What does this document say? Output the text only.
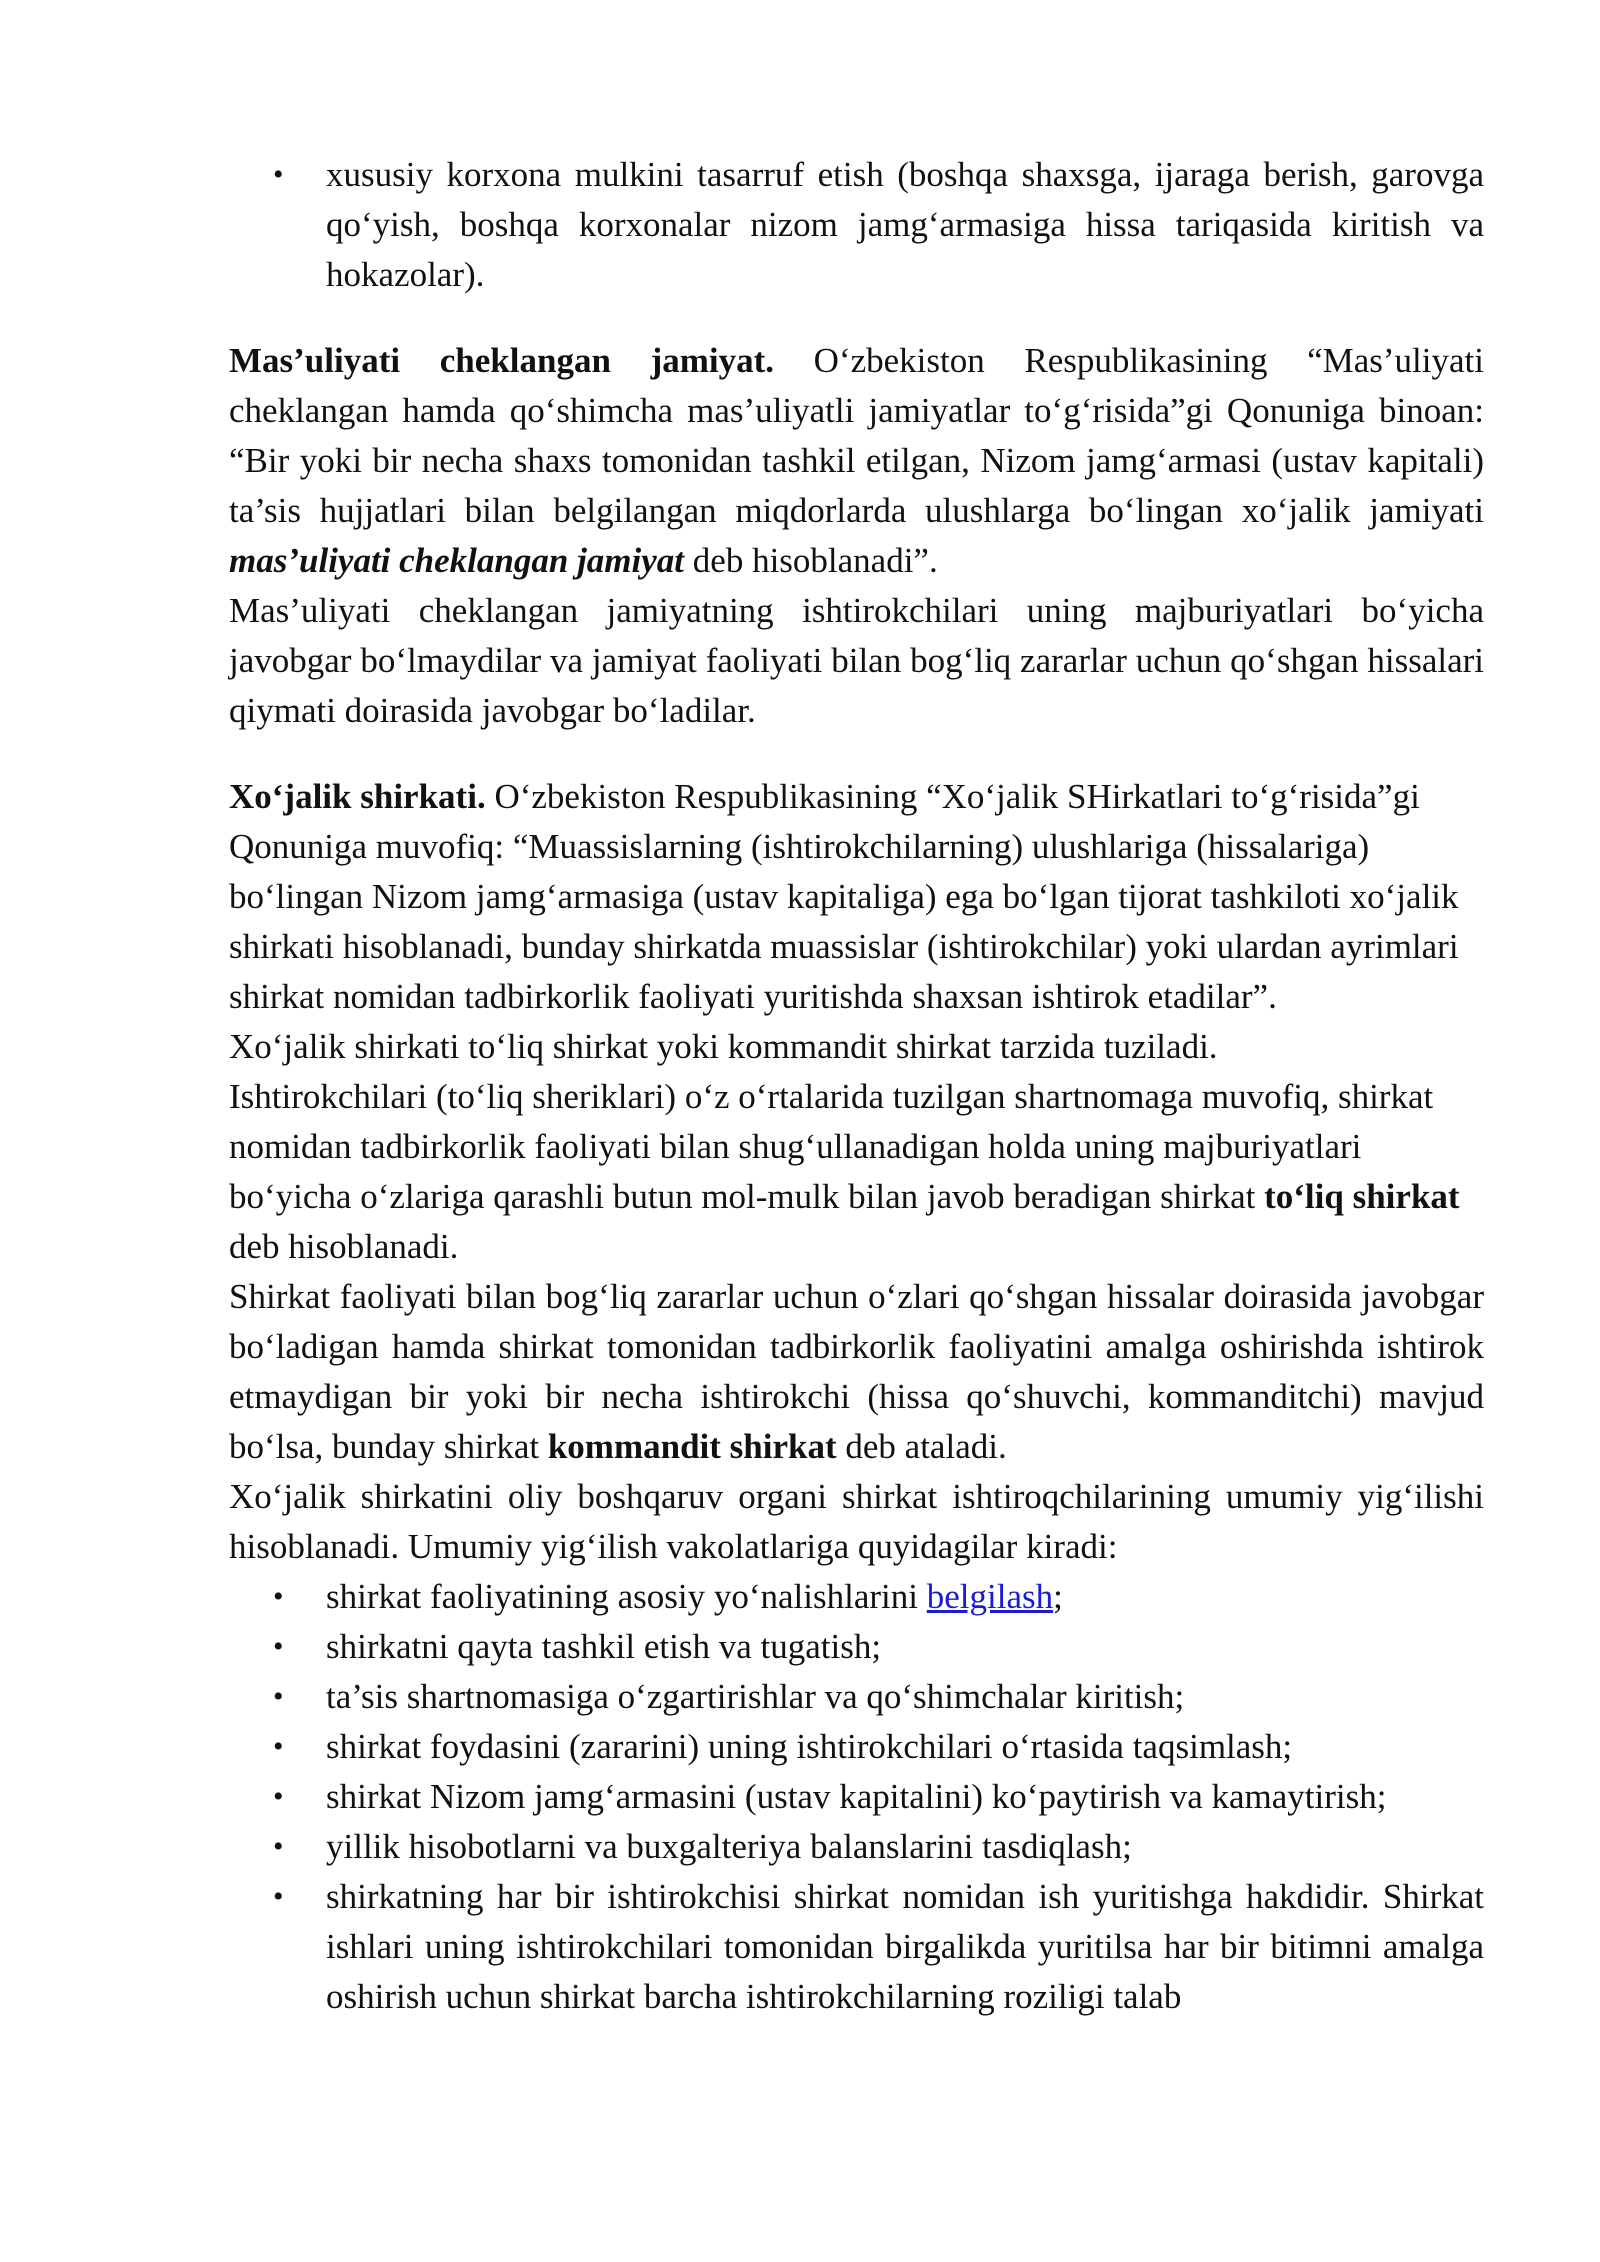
• xususiy korxona mulkini tasarruf etish (boshqa shaxsga, ijaraga berish, garovga qo‘yish, boshqa korxonalar nizom jamg‘armasiga hissa tariqasida kiritish va hokazolar).

Mas’uliyati cheklangan jamiyat. O‘zbekiston Respublikasining “Mas’uliyati cheklangan hamda qo‘shimcha mas’uliyatli jamiyatlar to‘g‘risida”gi Qonuniga binoan: “Bir yoki bir necha shaxs tomonidan tashkil etilgan, Nizom jamg‘armasi (ustav kapitali) ta’sis hujjatlari bilan belgilangan miqdorlarda ulushlarga bo‘lingan xo‘jalik jamiyati mas’uliyati cheklangan jamiyat deb hisoblanadi”.

Mas’uliyati cheklangan jamiyatning ishtirokchilari uning majburiyatlari bo‘yicha javobgar bo‘lmaydilar va jamiyat faoliyati bilan bog‘liq zararlar uchun qo‘shgan hissalari qiymati doirasida javobgar bo‘ladilar.

Xo‘jalik shirkati. O‘zbekiston Respublikasining “Xo‘jalik SHirkatlari to‘g‘risida”gi Qonuniga muvofiq: “Muassislarning (ishtirokchilarning) ulushlariga (hissalariga) bo‘lingan Nizom jamg‘armasiga (ustav kapitaliga) ega bo‘lgan tijorat tashkiloti xo‘jalik shirkati hisoblanadi, bunday shirkatda muassislar (ishtirokchilar) yoki ulardan ayrimlari shirkat nomidan tadbirkorlik faoliyati yuritishda shaxsan ishtirok etadilar”.

Xo‘jalik shirkati to‘liq shirkat yoki kommandit shirkat tarzida tuziladi.

Ishtirokchilari (to‘liq sheriklari) o‘z o‘rtalarida tuzilgan shartnomaga muvofiq, shirkat nomidan tadbirkorlik faoliyati bilan shug‘ullanadigan holda uning majburiyatlari bo‘yicha o‘zlariga qarashli butun mol-mulk bilan javob beradigan shirkat to‘liq shirkat deb hisoblanadi.

Shirkat faoliyati bilan bog‘liq zararlar uchun o‘zlari qo‘shgan hissalar doirasida javobgar bo‘ladigan hamda shirkat tomonidan tadbirkorlik faoliyatini amalga oshirishda ishtirok etmaydigan bir yoki bir necha ishtirokchi (hissa qo‘shuvchi, kommanditchi) mavjud bo‘lsa, bunday shirkat kommandit shirkat deb ataladi.

Xo‘jalik shirkatini oliy boshqaruv organi shirkat ishtiroqchilarining umumiy yig‘ilishi hisoblanadi. Umumiy yig‘ilish vakolatlariga quyidagilar kiradi:

• shirkat faoliyatining asosiy yo‘nalishlarini belgilash;
• shirkatni qayta tashkil etish va tugatish;
• ta’sis shartnomasiga o‘zgartirishlar va qo‘shimchalar kiritish;
• shirkat foydasini (zararini) uning ishtirokchilari o‘rtasida taqsimlash;
• shirkat Nizom jamg‘armasini (ustav kapitalini) ko‘paytirish va kamaytirish;
• yillik hisobotlarni va buxgalteriya balanslarini tasdiqlash;
• shirkatning har bir ishtirokchisi shirkat nomidan ish yuritishga hakdidir. Shirkat ishlari uning ishtirokchilari tomonidan birgalikda yuritilsa har bir bitimni amalga oshirish uchun shirkat barcha ishtirokchilarning roziligi talab
